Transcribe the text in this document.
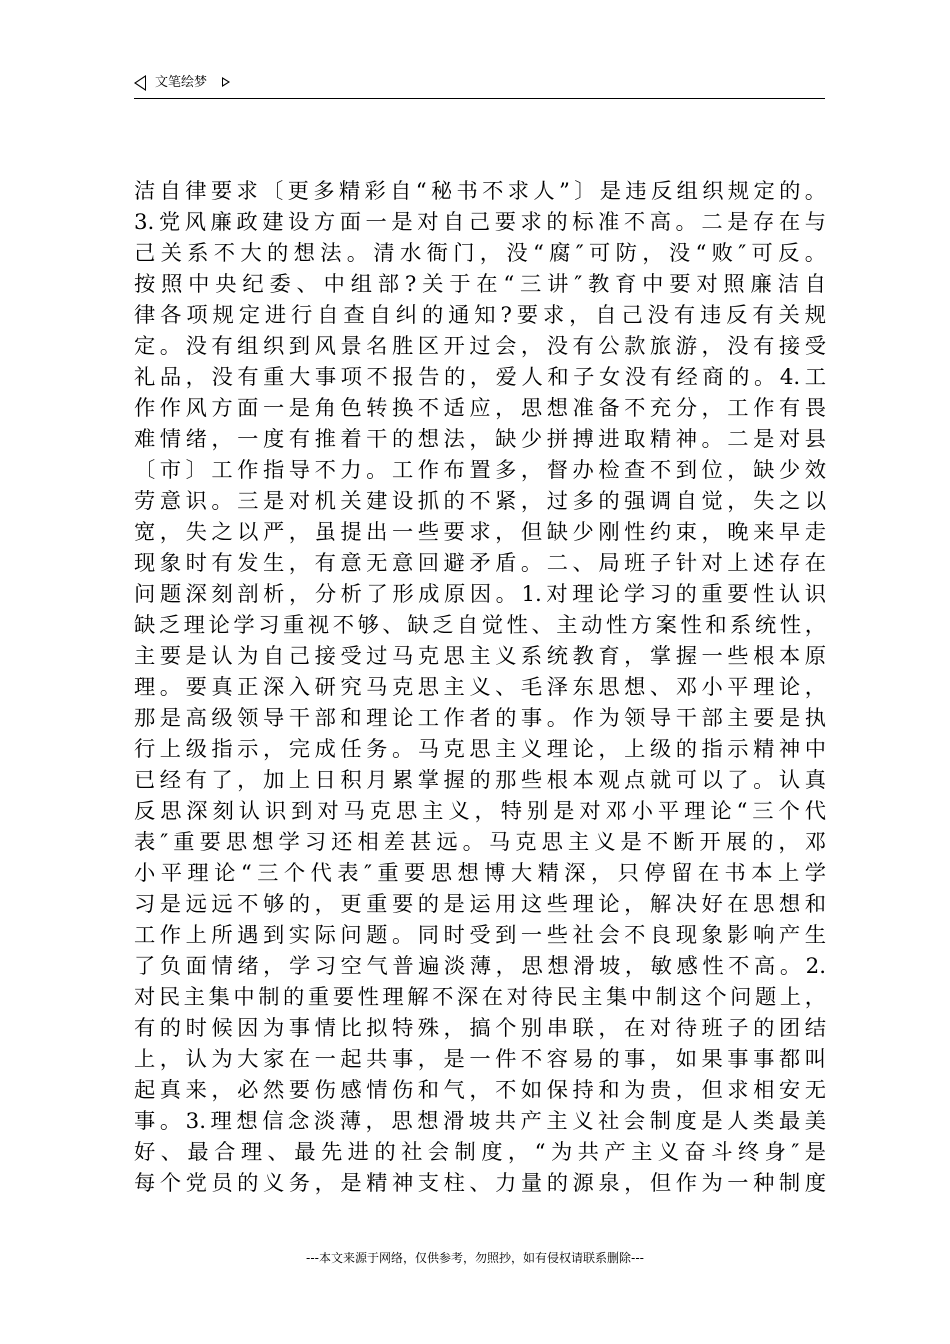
文笔绘梦
洁自律要求〔更多精彩自“秘书不求人”〕是违反组织规定的。
3.党风廉政建设方面一是对自己要求的标准不高。二是存在与
己关系不大的想法。清水衙门，没“腐″可防，没“败″可反。
按照中央纪委、中组部?关于在“三讲″教育中要对照廉洁自
律各项规定进行自查自纠的通知?要求，自己没有违反有关规
定。没有组织到风景名胜区开过会，没有公款旅游，没有接受
礼品，没有重大事项不报告的，爱人和子女没有经商的。4.工
作作风方面一是角色转换不适应，思想准备不充分，工作有畏
难情绪，一度有推着干的想法，缺少拼搏进取精神。二是对县
〔市〕工作指导不力。工作布置多，督办检查不到位，缺少效
劳意识。三是对机关建设抓的不紧，过多的强调自觉，失之以
宽，失之以严，虽提出一些要求，但缺少刚性约束，晚来早走
现象时有发生，有意无意回避矛盾。二、局班子针对上述存在
问题深刻剖析，分析了形成原因。1.对理论学习的重要性认识
缺乏理论学习重视不够、缺乏自觉性、主动性方案性和系统性，
主要是认为自己接受过马克思主义系统教育，掌握一些根本原
理。要真正深入研究马克思主义、毛泽东思想、邓小平理论，
那是高级领导干部和理论工作者的事。作为领导干部主要是执
行上级指示，完成任务。马克思主义理论，上级的指示精神中
已经有了，加上日积月累掌握的那些根本观点就可以了。认真
反思深刻认识到对马克思主义，特别是对邓小平理论“三个代
表″重要思想学习还相差甚远。马克思主义是不断开展的，邓
小平理论“三个代表″重要思想博大精深，只停留在书本上学
习是远远不够的，更重要的是运用这些理论，解决好在思想和
工作上所遇到实际问题。同时受到一些社会不良现象影响产生
了负面情绪，学习空气普遍淡薄，思想滑坡，敏感性不高。2.
对民主集中制的重要性理解不深在对待民主集中制这个问题上，
有的时候因为事情比拟特殊，搞个别串联，在对待班子的团结
上，认为大家在一起共事，是一件不容易的事，如果事事都叫
起真来，必然要伤感情伤和气，不如保持和为贵，但求相安无
事。3.理想信念淡薄，思想滑坡共产主义社会制度是人类最美
好、最合理、最先进的社会制度，“为共产主义奋斗终身″是
每个党员的义务，是精神支柱、力量的源泉，但作为一种制度
---本文来源于网络，仅供参考，勿照抄，如有侵权请联系删除---
